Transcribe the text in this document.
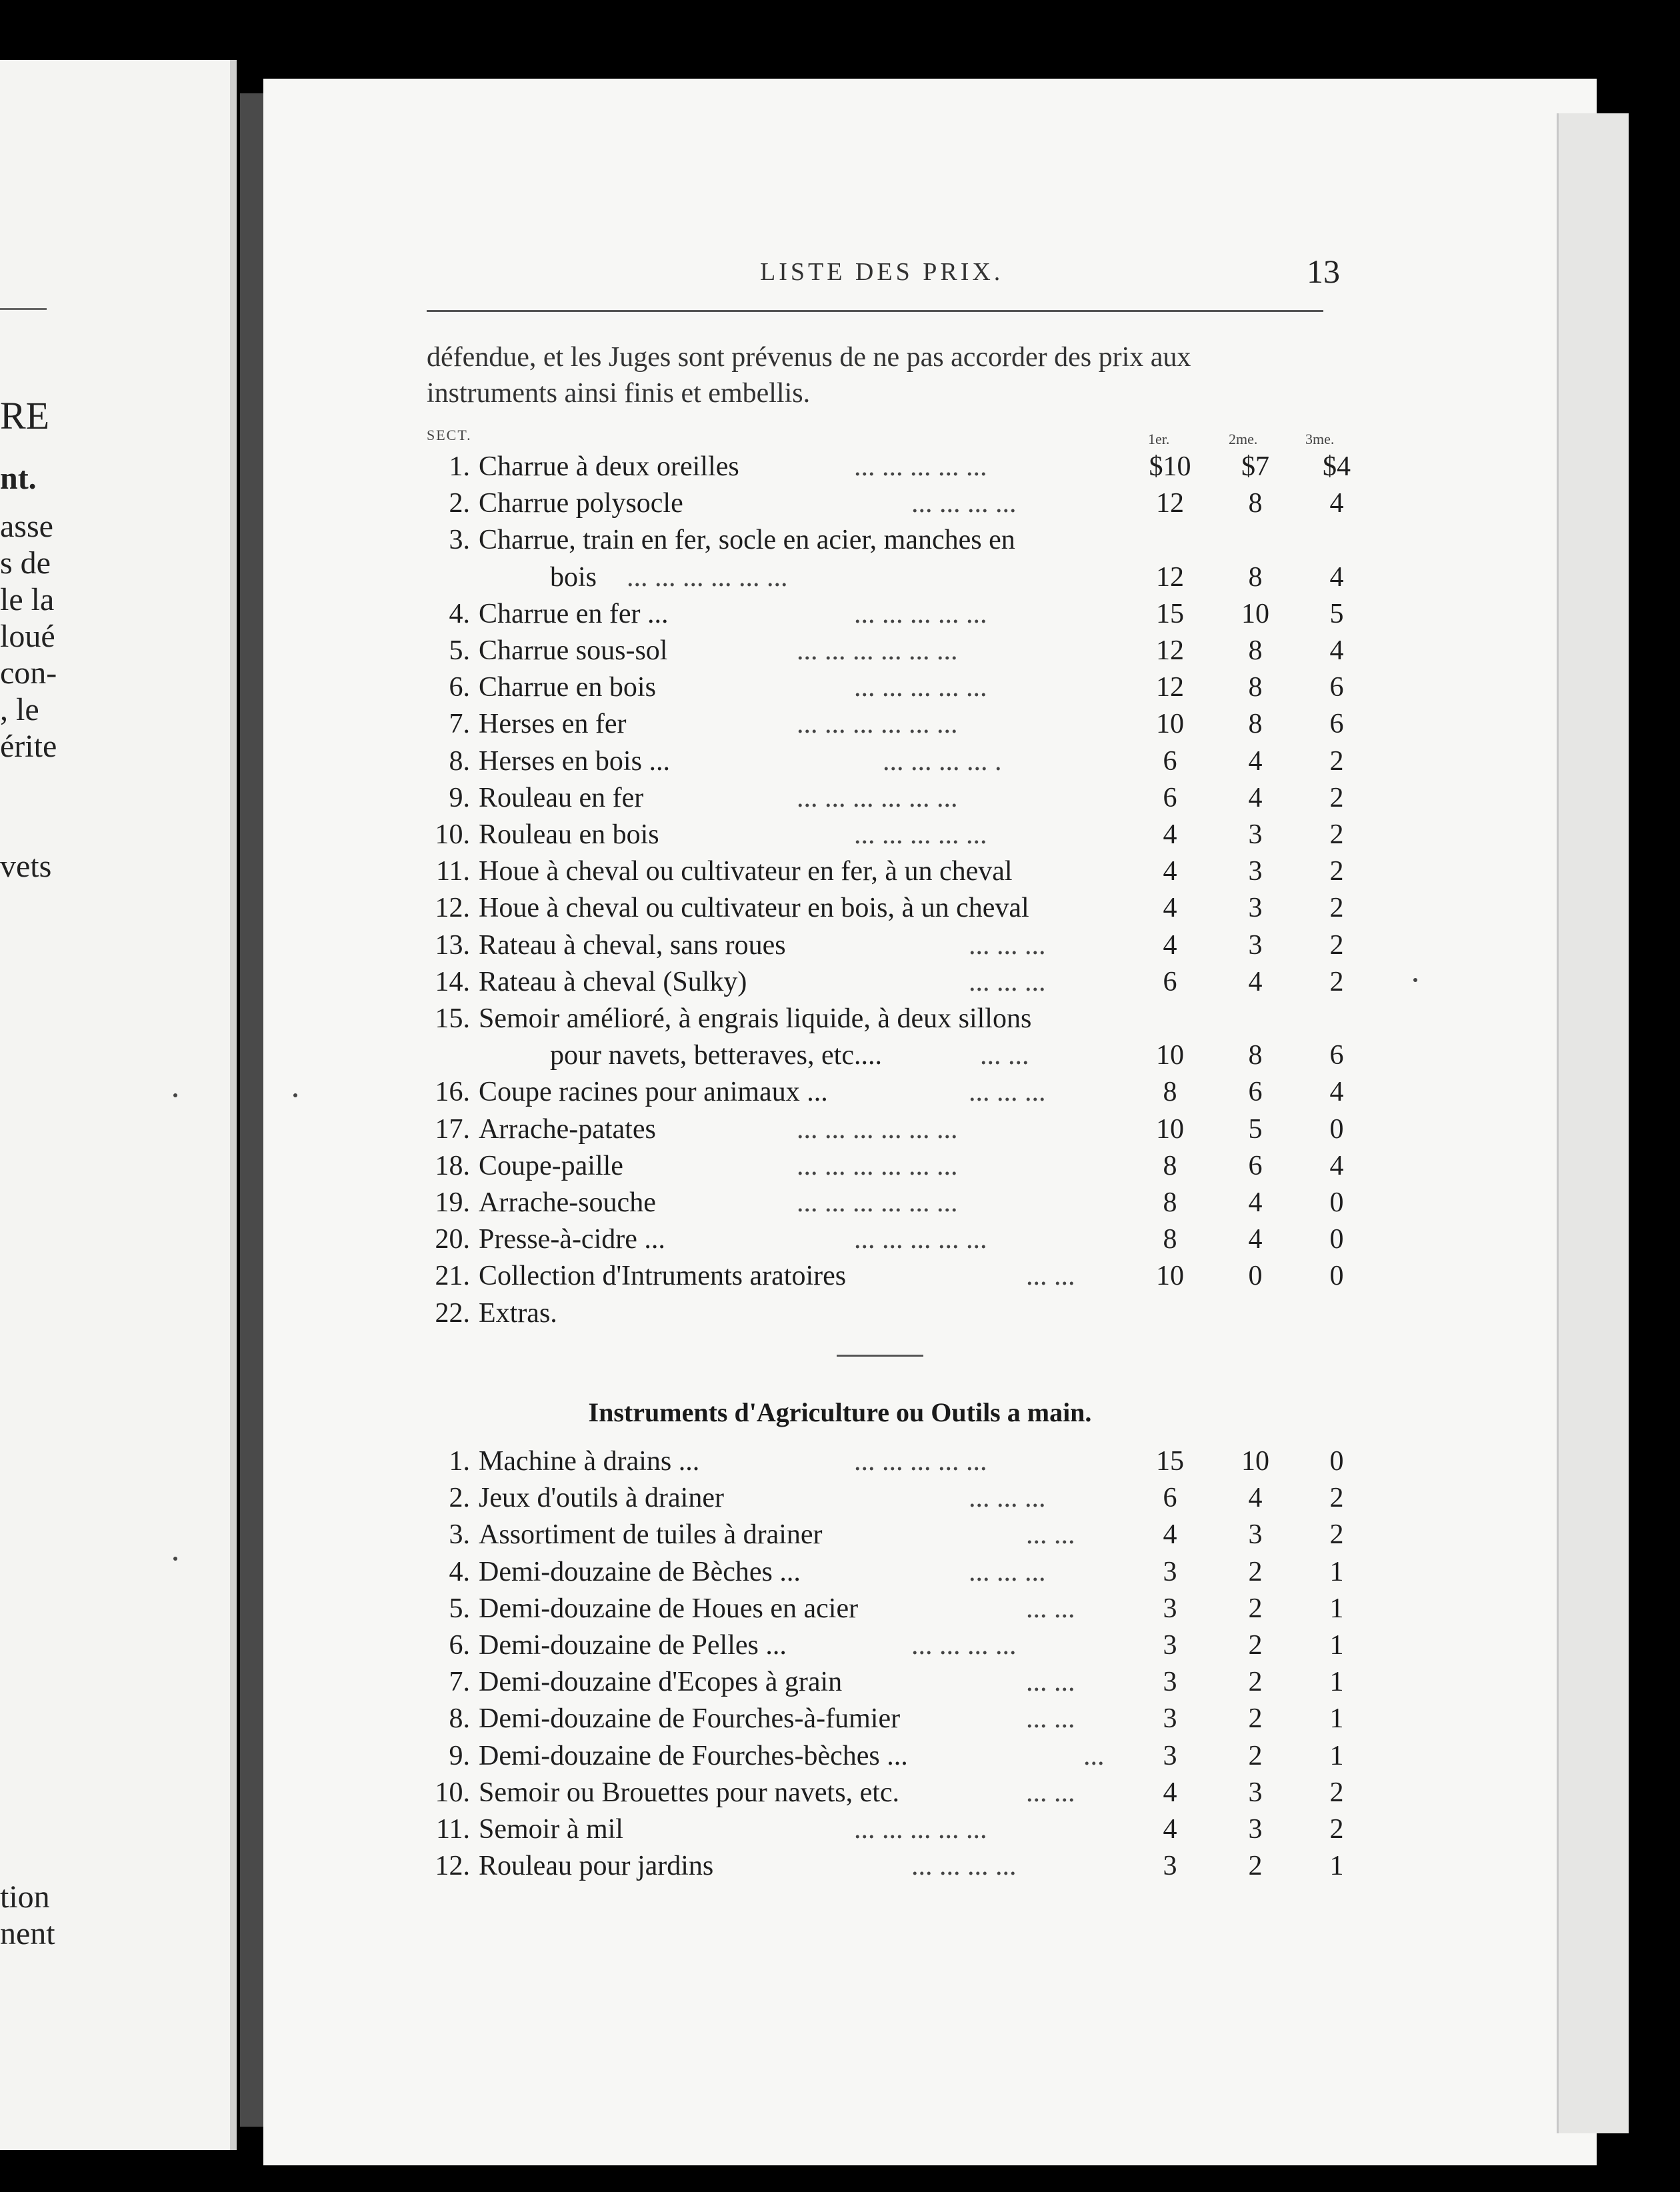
RE
nt.
asse
s de
le la
loué
con-
, le
érite
vets
tion
nent
LISTE DES PRIX.	13
défendue, et les Juges sont prévenus de ne pas accorder des prix aux
instruments ainsi finis et embellis.
SECT.	1er.	2me.	3me.
1. Charrue à deux oreilles	... ... ... ... ...	$10	$7	$4
2. Charrue polysocle	... ... ... ...	12	8	4
3. Charrue, train en fer, socle en acier, manches en
bois ... ... ... ... ... ...	12	8	4
4. Charrue en fer ...	... ... ... ... ...	15	10	5
5. Charrue sous-sol	... ... ... ... ... ...	12	8	4
6. Charrue en bois	... ... ... ... ...	12	8	6
7. Herses en fer	... ... ... ... ... ...	10	8	6
8. Herses en bois ...	... ... ... ... .	6	4	2
9. Rouleau en fer	... ... ... ... ... ...	6	4	2
10. Rouleau en bois	... ... ... ... ...	4	3	2
11. Houe à cheval ou cultivateur en fer, à un cheval	4	3	2
12. Houe à cheval ou cultivateur en bois, à un cheval	4	3	2
13. Rateau à cheval, sans roues	... ... ...	4	3	2
14. Rateau à cheval (Sulky)	... ... ...	6	4	2
15. Semoir amélioré, à engrais liquide, à deux sillons
pour navets, betteraves, etc....	... ...	10	8	6
16. Coupe racines pour animaux ...	... ... ...	8	6	4
17. Arrache-patates	... ... ... ... ... ...	10	5	0
18. Coupe-paille	... ... ... ... ... ...	8	6	4
19. Arrache-souche	... ... ... ... ... ...	8	4	0
20. Presse-à-cidre ...	... ... ... ... ...	8	4	0
21. Collection d'Intruments aratoires	... ...	10	0	0
22. Extras.
Instruments d'Agriculture ou Outils a main.
1. Machine à drains ...	... ... ... ... ...	15	10	0
2. Jeux d'outils à drainer	... ... ...	6	4	2
3. Assortiment de tuiles à drainer	... ...	4	3	2
4. Demi-douzaine de Bèches ...	... ... ...	3	2	1
5. Demi-douzaine de Houes en acier	... ...	3	2	1
6. Demi-douzaine de Pelles ...	... ... ... ...	3	2	1
7. Demi-douzaine d'Ecopes à grain	... ...	3	2	1
8. Demi-douzaine de Fourches-à-fumier	... ...	3	2	1
9. Demi-douzaine de Fourches-bèches ...	...	3	2	1
10. Semoir ou Brouettes pour navets, etc.	... ...	4	3	2
11. Semoir à mil	... ... ... ... ...	4	3	2
12. Rouleau pour jardins	... ... ... ...	3	2	1
